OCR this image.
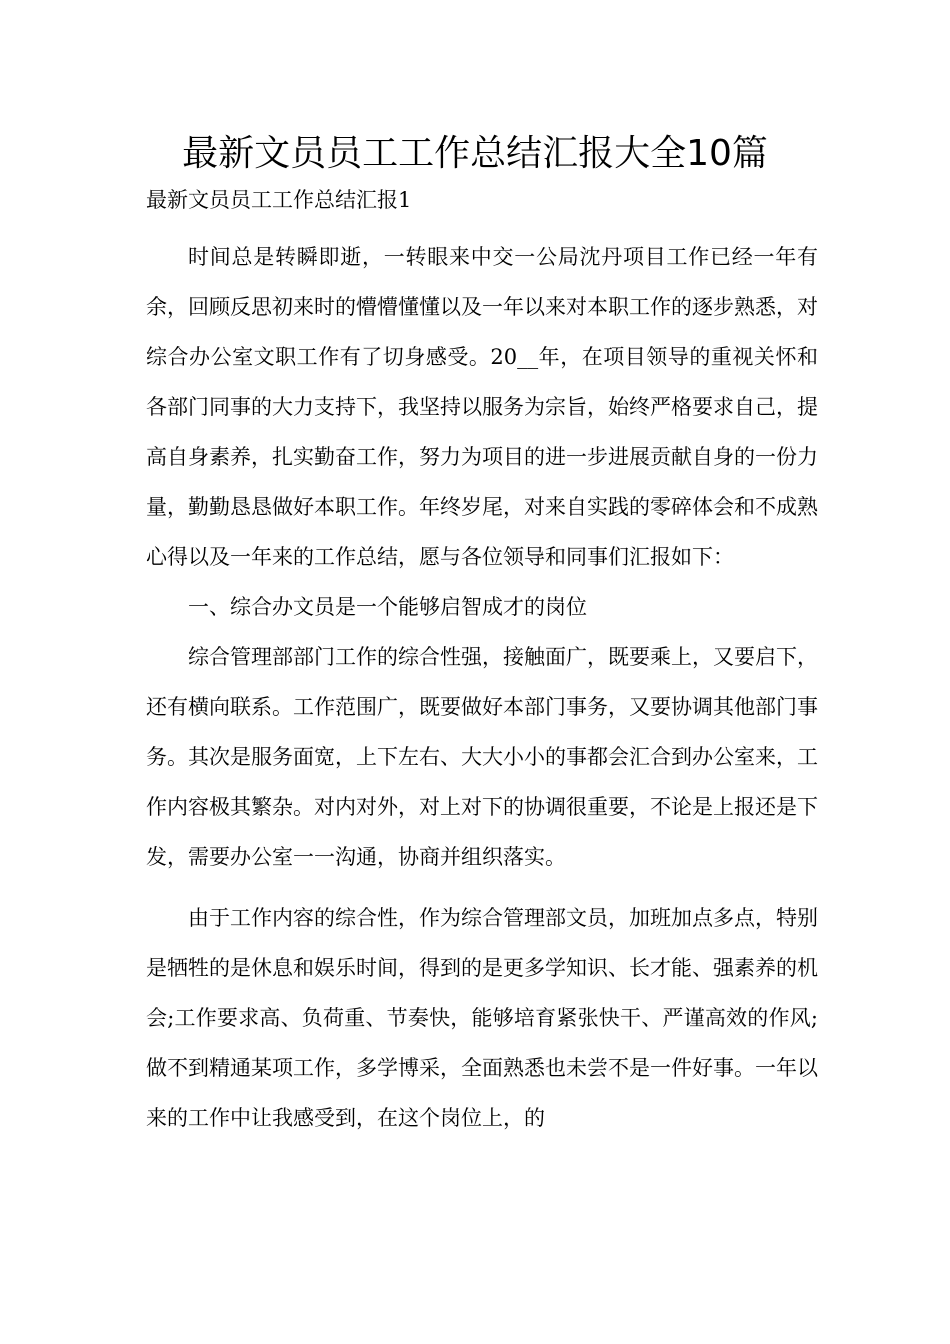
最新文员员工工作总结汇报大全10篇
最新文员员工工作总结汇报1

时间总是转瞬即逝，一转眼来中交一公局沈丹项目工作已经一年有余，回顾反思初来时的懵懵懂懂以及一年以来对本职工作的逐步熟悉，对综合办公室文职工作有了切身感受。20__年，在项目领导的重视关怀和各部门同事的大力支持下，我坚持以服务为宗旨，始终严格要求自己，提高自身素养，扎实勤奋工作，努力为项目的进一步进展贡献自身的一份力量，勤勤恳恳做好本职工作。年终岁尾，对来自实践的零碎体会和不成熟心得以及一年来的工作总结，愿与各位领导和同事们汇报如下：

一、综合办文员是一个能够启智成才的岗位

综合管理部部门工作的综合性强，接触面广，既要乘上，又要启下，还有横向联系。工作范围广，既要做好本部门事务，又要协调其他部门事务。其次是服务面宽，上下左右、大大小小的事都会汇合到办公室来，工作内容极其繁杂。对内对外，对上对下的协调很重要，不论是上报还是下发，需要办公室一一沟通，协商并组织落实。

由于工作内容的综合性，作为综合管理部文员，加班加点多点，特别是牺牲的是休息和娱乐时间，得到的是更多学知识、长才能、强素养的机会;工作要求高、负荷重、节奏快，能够培育紧张快干、严谨高效的作风;做不到精通某项工作，多学博采，全面熟悉也未尝不是一件好事。一年以来的工作中让我感受到，在这个岗位上，的
